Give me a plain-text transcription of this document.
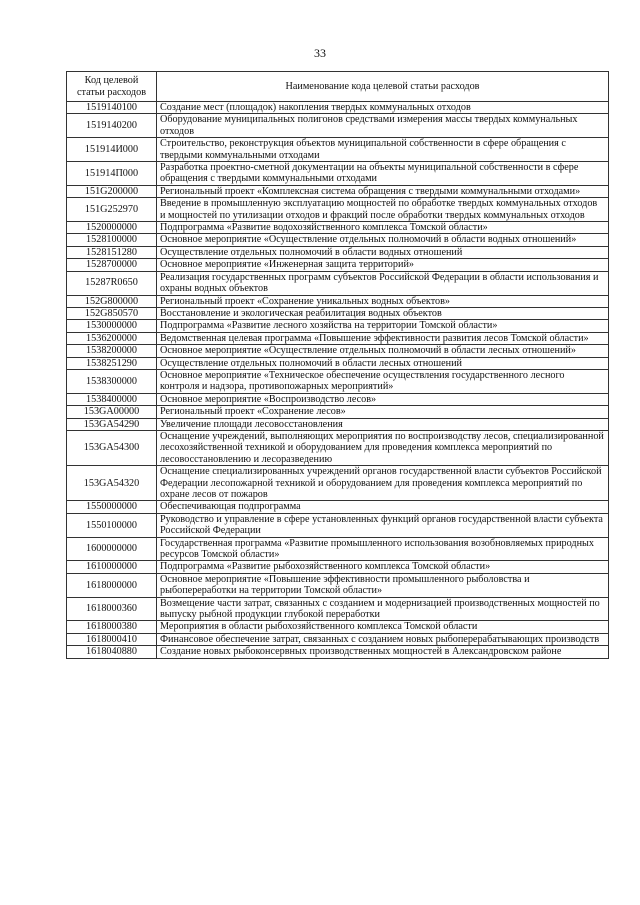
33
Код целевой статьи расходов	Наименование кода целевой статьи расходов
1519140100	Создание мест (площадок) накопления твердых коммунальных отходов
1519140200	Оборудование муниципальных полигонов средствами измерения массы твердых коммунальных отходов
151914И000	Строительство, реконструкция объектов муниципальной собственности в сфере обращения с твердыми коммунальными отходами
151914П000	Разработка проектно-сметной документации на объекты муниципальной собственности в сфере обращения с твердыми коммунальными отходами
151G200000	Региональный проект «Комплексная система обращения с твердыми коммунальными отходами»
151G252970	Введение в промышленную эксплуатацию мощностей по обработке твердых коммунальных отходов и мощностей по утилизации отходов и фракций после обработки твердых коммунальных отходов
1520000000	Подпрограмма «Развитие водохозяйственного комплекса Томской области»
1528100000	Основное мероприятие «Осуществление отдельных полномочий в области водных отношений»
1528151280	Осуществление отдельных полномочий в области водных отношений
1528700000	Основное мероприятие «Инженерная защита территорий»
15287R0650	Реализация государственных программ субъектов Российской Федерации в области использования и охраны водных объектов
152G800000	Региональный проект «Сохранение уникальных водных объектов»
152G850570	Восстановление и экологическая реабилитация водных объектов
1530000000	Подпрограмма «Развитие лесного хозяйства на территории Томской области»
1536200000	Ведомственная целевая программа «Повышение эффективности развития лесов Томской области»
1538200000	Основное мероприятие «Осуществление отдельных полномочий в области лесных отношений»
1538251290	Осуществление отдельных полномочий в области лесных отношений
1538300000	Основное мероприятие «Техническое обеспечение осуществления государственного лесного контроля и надзора, противопожарных мероприятий»
1538400000	Основное мероприятие «Воспроизводство лесов»
153GA00000	Региональный проект «Сохранение лесов»
153GA54290	Увеличение площади лесовосстановления
153GA54300	Оснащение учреждений, выполняющих мероприятия по воспроизводству лесов, специализированной лесохозяйственной техникой и оборудованием для проведения комплекса мероприятий по лесовосстановлению и лесоразведению
153GA54320	Оснащение специализированных учреждений органов государственной власти субъектов Российской Федерации лесопожарной техникой и оборудованием для проведения комплекса мероприятий по охране лесов от пожаров
1550000000	Обеспечивающая подпрограмма
1550100000	Руководство и управление в сфере установленных функций органов государственной власти субъекта Российской Федерации
1600000000	Государственная программа «Развитие промышленного использования возобновляемых природных ресурсов Томской области»
1610000000	Подпрограмма «Развитие рыбохозяйственного комплекса Томской области»
1618000000	Основное мероприятие «Повышение эффективности промышленного рыболовства и рыбопереработки на территории Томской области»
1618000360	Возмещение части затрат, связанных с созданием и модернизацией производственных мощностей по выпуску рыбной продукции глубокой переработки
1618000380	Мероприятия в области рыбохозяйственного комплекса Томской области
1618000410	Финансовое обеспечение затрат, связанных с созданием новых рыбоперерабатывающих производств
1618040880	Создание новых рыбоконсервных производственных мощностей в Александровском районе
